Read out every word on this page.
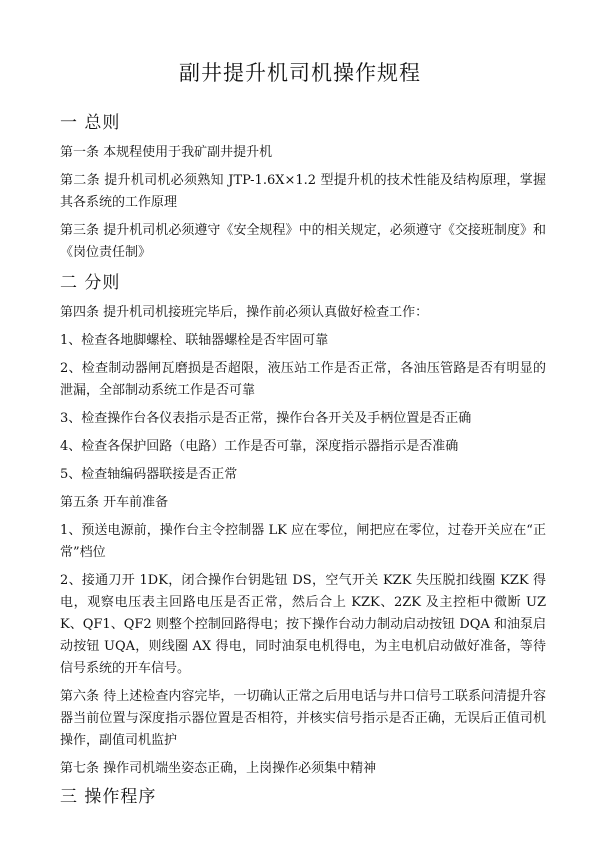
副井提升机司机操作规程
一 总则
第一条 本规程使用于我矿副井提升机
第二条 提升机司机必须熟知 JTP-1.6X×1.2 型提升机的技术性能及结构原理，掌握其各系统的工作原理
第三条 提升机司机必须遵守《安全规程》中的相关规定，必须遵守《交接班制度》和《岗位责任制》
二 分则
第四条 提升机司机接班完毕后，操作前必须认真做好检查工作：
1、检查各地脚螺栓、联轴器螺栓是否牢固可靠
2、检查制动器闸瓦磨损是否超限，液压站工作是否正常，各油压管路是否有明显的泄漏，全部制动系统工作是否可靠
3、检查操作台各仪表指示是否正常，操作台各开关及手柄位置是否正确
4、检查各保护回路（电路）工作是否可靠，深度指示器指示是否准确
5、检查轴编码器联接是否正常
第五条 开车前准备
1、预送电源前，操作台主令控制器 LK 应在零位，闸把应在零位，过卷开关应在“正常”档位
2、接通刀开 1DK，闭合操作台钥匙钮 DS，空气开关 KZK 失压脱扣线圈 KZK 得电，观察电压表主回路电压是否正常，然后合上 KZK、2ZK 及主控柜中微断 UZK、QF1、QF2 则整个控制回路得电；按下操作台动力制动启动按钮 DQA 和油泵启动按钮 UQA，则线圈 AX 得电，同时油泵电机得电，为主电机启动做好准备，等待信号系统的开车信号。
第六条 待上述检查内容完毕，一切确认正常之后用电话与井口信号工联系问清提升容器当前位置与深度指示器位置是否相符，并核实信号指示是否正确，无误后正值司机操作，副值司机监护
第七条 操作司机端坐姿态正确，上岗操作必须集中精神
三 操作程序
